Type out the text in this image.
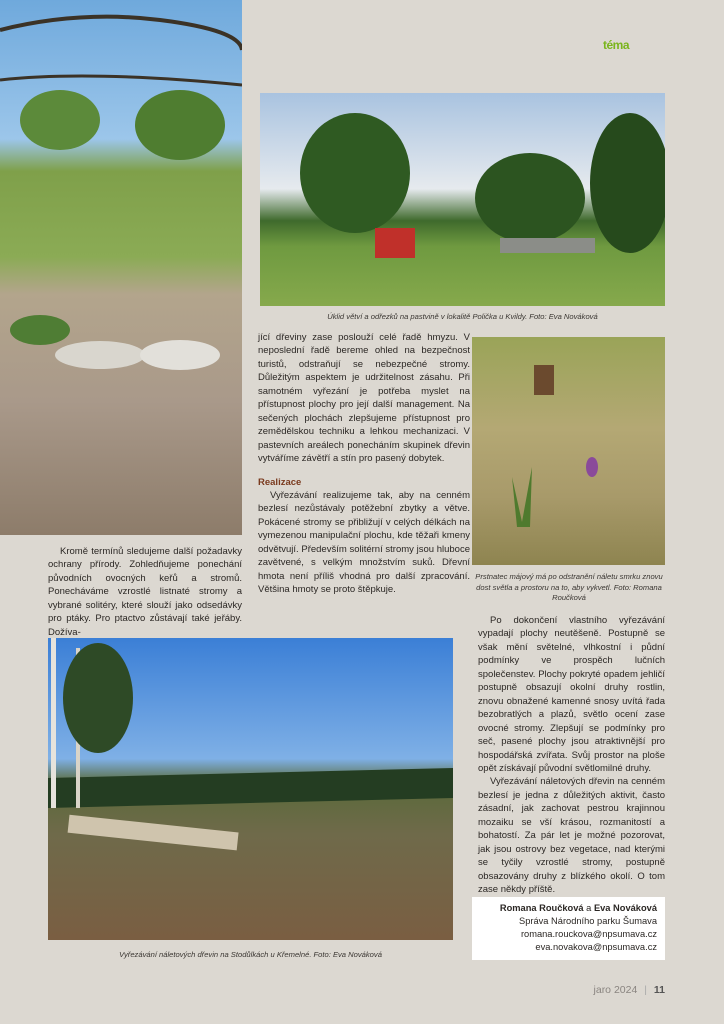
téma
Úklid větví a odřezků na pastvině v lokalitě Polička u Kvildy. Foto: Eva Nováková

jící dřeviny zase poslouží celé řadě hmyzu. V neposlední řadě bereme ohled na bezpečnost turistů, odstraňují se nebezpečné stromy. Důležitým aspektem je udržitelnost zásahu. Při samotném vyřezání je potřeba myslet na přístupnost plochy pro její další management. Na sečených plochách zlepšujeme přístupnost pro zemědělskou techniku a lehkou mechanizaci. V pastevních areálech ponecháním skupinek dřevin vytváříme závětří a stín pro pasený dobytek.

Realizace

Vyřezávání realizujeme tak, aby na cenném bezlesí nezůstávaly potěžební zbytky a větve. Pokácené stromy se přibližují v celých délkách na vymezenou manipulační plochu, kde těžaři kmeny odvětvují. Především solitérní stromy jsou hluboce zavětvené, s velkým množstvím suků. Dřevní hmota není příliš vhodná pro další zpracování. Většina hmoty se proto štěpkuje.

Prstnatec májový má po odstranění náletu smrku znovu dost světla a prostoru na to, aby vykvetl. Foto: Romana Roučková

Kromě termínů sledujeme další požadavky ochrany přírody. Zohledňujeme ponechání původních ovocných keřů a stromů. Ponecháváme vzrostlé listnaté stromy a vybrané solitéry, které slouží jako odsedávky pro ptáky. Pro ptactvo zůstávají také jeřáby. Dožíva-

Po dokončení vlastního vyřezávání vypadají plochy neutěšeně. Postupně se však mění světelné, vlhkostní i půdní podmínky ve prospěch lučních společenstev. Plochy pokryté opadem jehličí postupně obsazují okolní druhy rostlin, znovu obnažené kamenné snosy uvítá řada bezobratlých a plazů, světlo ocení zase ovocné stromy. Zlepšují se podmínky pro seč, pasené plochy jsou atraktivnější pro hospodářská zvířata. Svůj prostor na ploše opět získávají původní světlomilné druhy.

Vyřezávání náletových dřevin na cenném bezlesí je jedna z důležitých aktivit, často zásadní, jak zachovat pestrou krajinnou mozaiku se vší krásou, rozmanitostí a bohatostí. Za pár let je možné pozorovat, jak jsou ostrovy bez vegetace, nad kterými se tyčily vzrostlé stromy, postupně obsazovány druhy z blízkého okolí. O tom zase někdy příště.

Vyřezávání náletových dřevin na Stodůlkách u Křemelné. Foto: Eva Nováková
Romana Roučková a Eva Nováková
Správa Národního parku Šumava
romana.rouckova@npsumava.cz
eva.novakova@npsumava.cz
jaro 2024 | 11
